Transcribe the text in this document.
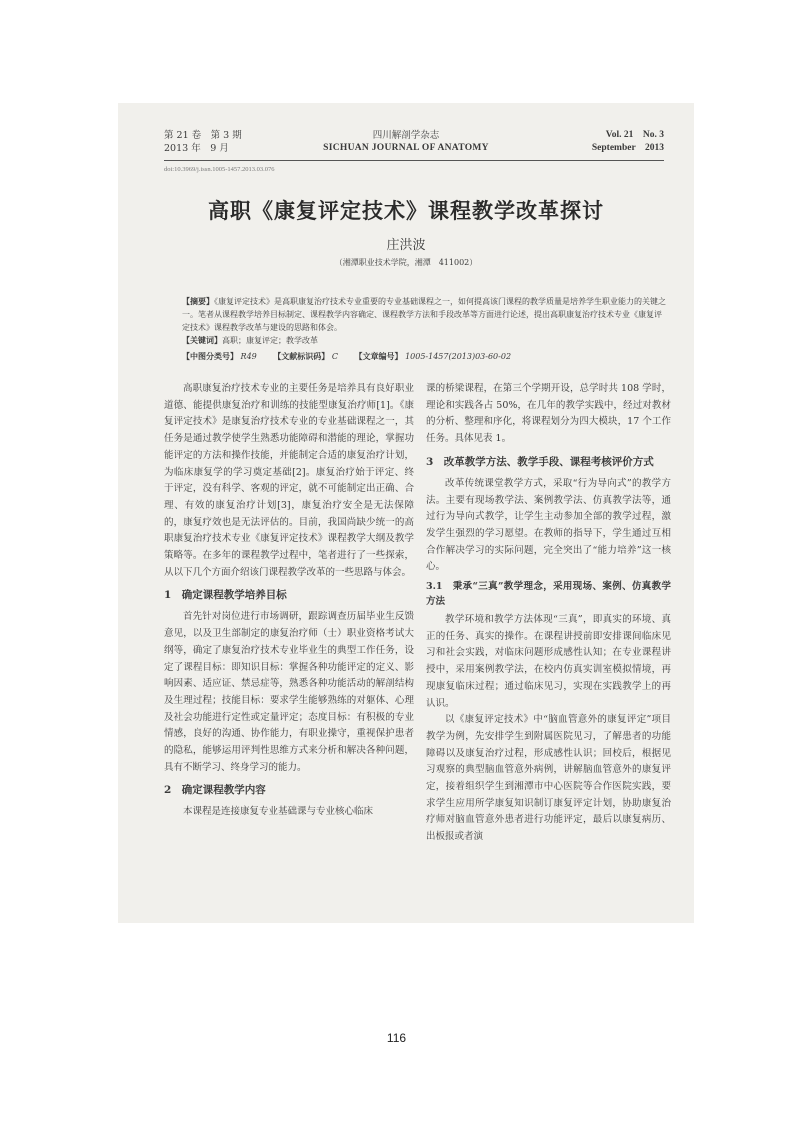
第 21 卷　第 3 期
2013 年　9 月
四川解剖学杂志
SICHUAN JOURNAL OF ANATOMY
Vol. 21　No. 3
September　2013
doi:10.3969/j.issn.1005-1457.2013.03.076
高职《康复评定技术》课程教学改革探讨
庄洪波
（湘潭职业技术学院，湘潭　411002）
【摘要】《康复评定技术》是高职康复治疗技术专业重要的专业基础课程之一，如何提高该门课程的教学质量是培养学生职业能力的关键之一。笔者从课程教学培养目标制定、课程教学内容确定、课程教学方法和手段改革等方面进行论述，提出高职康复治疗技术专业《康复评定技术》课程教学改革与建设的思路和体会。
【关键词】高职；康复评定；教学改革
【中图分类号】 R49 【文献标识码】 C 【文章编号】 1005-1457(2013)03-60-02

高职康复治疗技术专业的主要任务是培养具有良好职业道德、能提供康复治疗和训练的技能型康复治疗师[1]。《康复评定技术》是康复治疗技术专业的专业基础课程之一，其任务是通过教学使学生熟悉功能障碍和潜能的理论，掌握功能评定的方法和操作技能，并能制定合适的康复治疗计划，为临床康复学的学习奠定基础[2]。康复治疗始于评定、终于评定，没有科学、客观的评定，就不可能制定出正确、合理、有效的康复治疗计划[3]，康复治疗安全是无法保障的，康复疗效也是无法评估的。目前，我国尚缺少统一的高职康复治疗技术专业《康复评定技术》课程教学大纲及教学策略等。在多年的课程教学过程中，笔者进行了一些探索，从以下几个方面介绍该门课程教学改革的一些思路与体会。

1　确定课程教学培养目标

首先针对岗位进行市场调研，跟踪调查历届毕业生反馈意见，以及卫生部制定的康复治疗师（士）职业资格考试大纲等，确定了康复治疗技术专业毕业生的典型工作任务，设定了课程目标：即知识目标：掌握各种功能评定的定义、影响因素、适应证、禁忌症等，熟悉各种功能活动的解剖结构及生理过程；技能目标：要求学生能够熟练的对躯体、心理及社会功能进行定性或定量评定；态度目标：有积极的专业情感，良好的沟通、协作能力，有职业操守，重视保护患者的隐私，能够运用评判性思维方式来分析和解决各种问题，具有不断学习、终身学习的能力。

2　确定课程教学内容

本课程是连接康复专业基础课与专业核心临床

课的桥梁课程，在第三个学期开设，总学时共 108 学时，理论和实践各占 50%，在几年的教学实践中，经过对教材的分析、整理和序化，将课程划分为四大模块，17 个工作任务。具体见表 1。

3　改革教学方法、教学手段、课程考核评价方式

改革传统课堂教学方式，采取“行为导向式”的教学方法。主要有现场教学法、案例教学法、仿真教学法等，通过行为导向式教学，让学生主动参加全部的教学过程，激发学生强烈的学习愿望。在教师的指导下，学生通过互相合作解决学习的实际问题，完全突出了“能力培养”这一核心。

3.1　秉承“三真”教学理念，采用现场、案例、仿真教学方法

教学环境和教学方法体现“三真”，即真实的环境、真正的任务、真实的操作。在课程讲授前即安排课间临床见习和社会实践，对临床问题形成感性认知；在专业课程讲授中，采用案例教学法，在校内仿真实训室模拟情境，再现康复临床过程；通过临床见习，实现在实践教学上的再认识。

以《康复评定技术》中“脑血管意外的康复评定”项目教学为例，先安排学生到附属医院见习，了解患者的功能障碍以及康复治疗过程，形成感性认识；回校后，根据见习观察的典型脑血管意外病例，讲解脑血管意外的康复评定，接着组织学生到湘潭市中心医院等合作医院实践，要求学生应用所学康复知识制订康复评定计划，协助康复治疗师对脑血管意外患者进行功能评定，最后以康复病历、出板报或者演

116
